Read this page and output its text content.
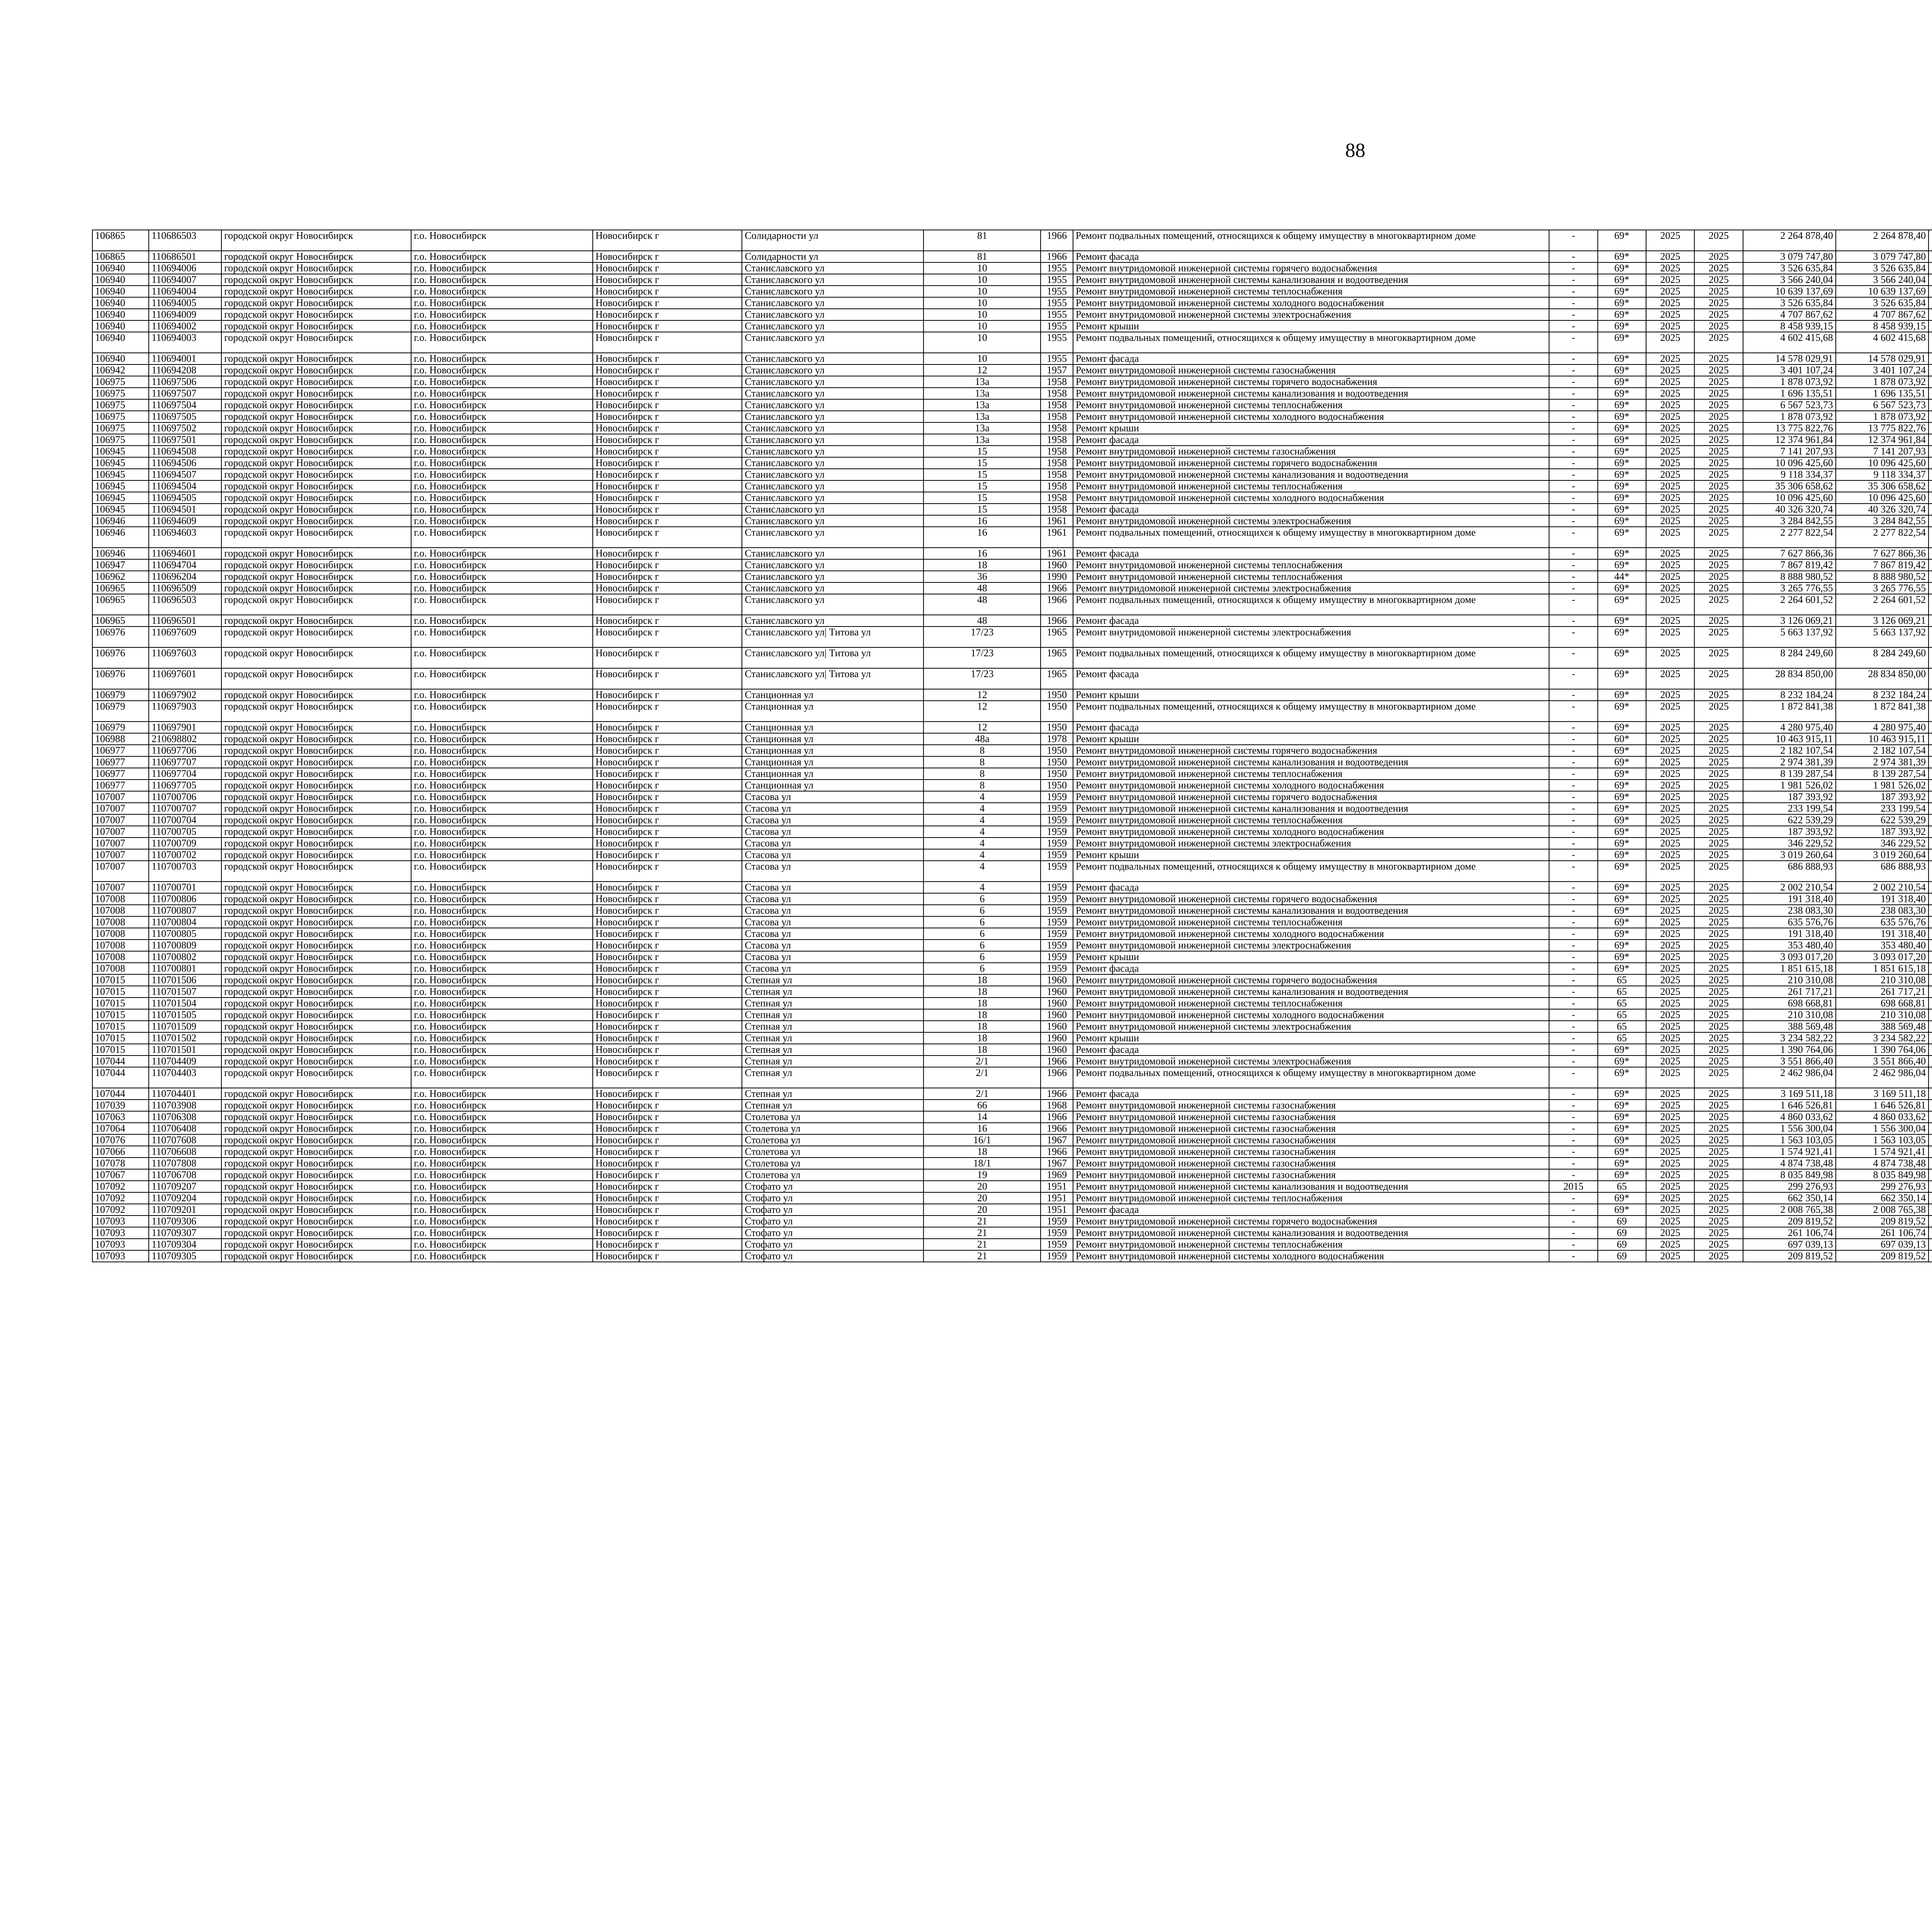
88
106865	110686503	городской округ Новосибирск	г.о. Новосибирск	Новосибирск г	Солидарности ул	81	1966	Ремонт подвальных помещений, относящихся к общему имуществу в многоквартирном доме	-	69*	2025	2025	2 264 878,40	2 264 878,40						
106865	110686501	городской округ Новосибирск	г.о. Новосибирск	Новосибирск г	Солидарности ул	81	1966	Ремонт фасада	-	69*	2025	2025	3 079 747,80	3 079 747,80						
106940	110694006	городской округ Новосибирск	г.о. Новосибирск	Новосибирск г	Станиславского ул	10	1955	Ремонт внутридомовой инженерной системы горячего водоснабжения	-	69*	2025	2025	3 526 635,84	3 526 635,84						
106940	110694007	городской округ Новосибирск	г.о. Новосибирск	Новосибирск г	Станиславского ул	10	1955	Ремонт внутридомовой инженерной системы канализования и водоотведения	-	69*	2025	2025	3 566 240,04	3 566 240,04						
106940	110694004	городской округ Новосибирск	г.о. Новосибирск	Новосибирск г	Станиславского ул	10	1955	Ремонт внутридомовой инженерной системы теплоснабжения	-	69*	2025	2025	10 639 137,69	10 639 137,69						
106940	110694005	городской округ Новосибирск	г.о. Новосибирск	Новосибирск г	Станиславского ул	10	1955	Ремонт внутридомовой инженерной системы холодного водоснабжения	-	69*	2025	2025	3 526 635,84	3 526 635,84						
106940	110694009	городской округ Новосибирск	г.о. Новосибирск	Новосибирск г	Станиславского ул	10	1955	Ремонт внутридомовой инженерной системы электроснабжения	-	69*	2025	2025	4 707 867,62	4 707 867,62						
106940	110694002	городской округ Новосибирск	г.о. Новосибирск	Новосибирск г	Станиславского ул	10	1955	Ремонт крыши	-	69*	2025	2025	8 458 939,15	8 458 939,15						
106940	110694003	городской округ Новосибирск	г.о. Новосибирск	Новосибирск г	Станиславского ул	10	1955	Ремонт подвальных помещений, относящихся к общему имуществу в многоквартирном доме	-	69*	2025	2025	4 602 415,68	4 602 415,68						
106940	110694001	городской округ Новосибирск	г.о. Новосибирск	Новосибирск г	Станиславского ул	10	1955	Ремонт фасада	-	69*	2025	2025	14 578 029,91	14 578 029,91						
106942	110694208	городской округ Новосибирск	г.о. Новосибирск	Новосибирск г	Станиславского ул	12	1957	Ремонт внутридомовой инженерной системы газоснабжения	-	69*	2025	2025	3 401 107,24	3 401 107,24						
106975	110697506	городской округ Новосибирск	г.о. Новосибирск	Новосибирск г	Станиславского ул	13а	1958	Ремонт внутридомовой инженерной системы горячего водоснабжения	-	69*	2025	2025	1 878 073,92	1 878 073,92						
106975	110697507	городской округ Новосибирск	г.о. Новосибирск	Новосибирск г	Станиславского ул	13а	1958	Ремонт внутридомовой инженерной системы канализования и водоотведения	-	69*	2025	2025	1 696 135,51	1 696 135,51						
106975	110697504	городской округ Новосибирск	г.о. Новосибирск	Новосибирск г	Станиславского ул	13а	1958	Ремонт внутридомовой инженерной системы теплоснабжения	-	69*	2025	2025	6 567 523,73	6 567 523,73						
106975	110697505	городской округ Новосибирск	г.о. Новосибирск	Новосибирск г	Станиславского ул	13а	1958	Ремонт внутридомовой инженерной системы холодного водоснабжения	-	69*	2025	2025	1 878 073,92	1 878 073,92						
106975	110697502	городской округ Новосибирск	г.о. Новосибирск	Новосибирск г	Станиславского ул	13а	1958	Ремонт крыши	-	69*	2025	2025	13 775 822,76	13 775 822,76						
106975	110697501	городской округ Новосибирск	г.о. Новосибирск	Новосибирск г	Станиславского ул	13а	1958	Ремонт фасада	-	69*	2025	2025	12 374 961,84	12 374 961,84						
106945	110694508	городской округ Новосибирск	г.о. Новосибирск	Новосибирск г	Станиславского ул	15	1958	Ремонт внутридомовой инженерной системы газоснабжения	-	69*	2025	2025	7 141 207,93	7 141 207,93						
106945	110694506	городской округ Новосибирск	г.о. Новосибирск	Новосибирск г	Станиславского ул	15	1958	Ремонт внутридомовой инженерной системы горячего водоснабжения	-	69*	2025	2025	10 096 425,60	10 096 425,60						
106945	110694507	городской округ Новосибирск	г.о. Новосибирск	Новосибирск г	Станиславского ул	15	1958	Ремонт внутридомовой инженерной системы канализования и водоотведения	-	69*	2025	2025	9 118 334,37	9 118 334,37						
106945	110694504	городской округ Новосибирск	г.о. Новосибирск	Новосибирск г	Станиславского ул	15	1958	Ремонт внутридомовой инженерной системы теплоснабжения	-	69*	2025	2025	35 306 658,62	35 306 658,62						
106945	110694505	городской округ Новосибирск	г.о. Новосибирск	Новосибирск г	Станиславского ул	15	1958	Ремонт внутридомовой инженерной системы холодного водоснабжения	-	69*	2025	2025	10 096 425,60	10 096 425,60						
106945	110694501	городской округ Новосибирск	г.о. Новосибирск	Новосибирск г	Станиславского ул	15	1958	Ремонт фасада	-	69*	2025	2025	40 326 320,74	40 326 320,74						
106946	110694609	городской округ Новосибирск	г.о. Новосибирск	Новосибирск г	Станиславского ул	16	1961	Ремонт внутридомовой инженерной системы электроснабжения	-	69*	2025	2025	3 284 842,55	3 284 842,55						
106946	110694603	городской округ Новосибирск	г.о. Новосибирск	Новосибирск г	Станиславского ул	16	1961	Ремонт подвальных помещений, относящихся к общему имуществу в многоквартирном доме	-	69*	2025	2025	2 277 822,54	2 277 822,54						
106946	110694601	городской округ Новосибирск	г.о. Новосибирск	Новосибирск г	Станиславского ул	16	1961	Ремонт фасада	-	69*	2025	2025	7 627 866,36	7 627 866,36						
106947	110694704	городской округ Новосибирск	г.о. Новосибирск	Новосибирск г	Станиславского ул	18	1960	Ремонт внутридомовой инженерной системы теплоснабжения	-	69*	2025	2025	7 867 819,42	7 867 819,42						
106962	110696204	городской округ Новосибирск	г.о. Новосибирск	Новосибирск г	Станиславского ул	36	1990	Ремонт внутридомовой инженерной системы теплоснабжения	-	44*	2025	2025	8 888 980,52	8 888 980,52						
106965	110696509	городской округ Новосибирск	г.о. Новосибирск	Новосибирск г	Станиславского ул	48	1966	Ремонт внутридомовой инженерной системы электроснабжения	-	69*	2025	2025	3 265 776,55	3 265 776,55						
106965	110696503	городской округ Новосибирск	г.о. Новосибирск	Новосибирск г	Станиславского ул	48	1966	Ремонт подвальных помещений, относящихся к общему имуществу в многоквартирном доме	-	69*	2025	2025	2 264 601,52	2 264 601,52						
106965	110696501	городской округ Новосибирск	г.о. Новосибирск	Новосибирск г	Станиславского ул	48	1966	Ремонт фасада	-	69*	2025	2025	3 126 069,21	3 126 069,21						
106976	110697609	городской округ Новосибирск	г.о. Новосибирск	Новосибирск г	Станиславского ул| Титова ул	17/23	1965	Ремонт внутридомовой инженерной системы электроснабжения	-	69*	2025	2025	5 663 137,92	5 663 137,92						
106976	110697603	городской округ Новосибирск	г.о. Новосибирск	Новосибирск г	Станиславского ул| Титова ул	17/23	1965	Ремонт подвальных помещений, относящихся к общему имуществу в многоквартирном доме	-	69*	2025	2025	8 284 249,60	8 284 249,60						
106976	110697601	городской округ Новосибирск	г.о. Новосибирск	Новосибирск г	Станиславского ул| Титова ул	17/23	1965	Ремонт фасада	-	69*	2025	2025	28 834 850,00	28 834 850,00						
106979	110697902	городской округ Новосибирск	г.о. Новосибирск	Новосибирск г	Станционная ул	12	1950	Ремонт крыши	-	69*	2025	2025	8 232 184,24	8 232 184,24						
106979	110697903	городской округ Новосибирск	г.о. Новосибирск	Новосибирск г	Станционная ул	12	1950	Ремонт подвальных помещений, относящихся к общему имуществу в многоквартирном доме	-	69*	2025	2025	1 872 841,38	1 872 841,38						
106979	110697901	городской округ Новосибирск	г.о. Новосибирск	Новосибирск г	Станционная ул	12	1950	Ремонт фасада	-	69*	2025	2025	4 280 975,40	4 280 975,40						
106988	210698802	городской округ Новосибирск	г.о. Новосибирск	Новосибирск г	Станционная ул	48а	1978	Ремонт крыши	-	60*	2025	2025	10 463 915,11	10 463 915,11						
106977	110697706	городской округ Новосибирск	г.о. Новосибирск	Новосибирск г	Станционная ул	8	1950	Ремонт внутридомовой инженерной системы горячего водоснабжения	-	69*	2025	2025	2 182 107,54	2 182 107,54						
106977	110697707	городской округ Новосибирск	г.о. Новосибирск	Новосибирск г	Станционная ул	8	1950	Ремонт внутридомовой инженерной системы канализования и водоотведения	-	69*	2025	2025	2 974 381,39	2 974 381,39						
106977	110697704	городской округ Новосибирск	г.о. Новосибирск	Новосибирск г	Станционная ул	8	1950	Ремонт внутридомовой инженерной системы теплоснабжения	-	69*	2025	2025	8 139 287,54	8 139 287,54						
106977	110697705	городской округ Новосибирск	г.о. Новосибирск	Новосибирск г	Станционная ул	8	1950	Ремонт внутридомовой инженерной системы холодного водоснабжения	-	69*	2025	2025	1 981 526,02	1 981 526,02						
107007	110700706	городской округ Новосибирск	г.о. Новосибирск	Новосибирск г	Стасова ул	4	1959	Ремонт внутридомовой инженерной системы горячего водоснабжения	-	69*	2025	2025	187 393,92	187 393,92						
107007	110700707	городской округ Новосибирск	г.о. Новосибирск	Новосибирск г	Стасова ул	4	1959	Ремонт внутридомовой инженерной системы канализования и водоотведения	-	69*	2025	2025	233 199,54	233 199,54						
107007	110700704	городской округ Новосибирск	г.о. Новосибирск	Новосибирск г	Стасова ул	4	1959	Ремонт внутридомовой инженерной системы теплоснабжения	-	69*	2025	2025	622 539,29	622 539,29						
107007	110700705	городской округ Новосибирск	г.о. Новосибирск	Новосибирск г	Стасова ул	4	1959	Ремонт внутридомовой инженерной системы холодного водоснабжения	-	69*	2025	2025	187 393,92	187 393,92						
107007	110700709	городской округ Новосибирск	г.о. Новосибирск	Новосибирск г	Стасова ул	4	1959	Ремонт внутридомовой инженерной системы электроснабжения	-	69*	2025	2025	346 229,52	346 229,52						
107007	110700702	городской округ Новосибирск	г.о. Новосибирск	Новосибирск г	Стасова ул	4	1959	Ремонт крыши	-	69*	2025	2025	3 019 260,64	3 019 260,64						
107007	110700703	городской округ Новосибирск	г.о. Новосибирск	Новосибирск г	Стасова ул	4	1959	Ремонт подвальных помещений, относящихся к общему имуществу в многоквартирном доме	-	69*	2025	2025	686 888,93	686 888,93						
107007	110700701	городской округ Новосибирск	г.о. Новосибирск	Новосибирск г	Стасова ул	4	1959	Ремонт фасада	-	69*	2025	2025	2 002 210,54	2 002 210,54						
107008	110700806	городской округ Новосибирск	г.о. Новосибирск	Новосибирск г	Стасова ул	6	1959	Ремонт внутридомовой инженерной системы горячего водоснабжения	-	69*	2025	2025	191 318,40	191 318,40						
107008	110700807	городской округ Новосибирск	г.о. Новосибирск	Новосибирск г	Стасова ул	6	1959	Ремонт внутридомовой инженерной системы канализования и водоотведения	-	69*	2025	2025	238 083,30	238 083,30						
107008	110700804	городской округ Новосибирск	г.о. Новосибирск	Новосибирск г	Стасова ул	6	1959	Ремонт внутридомовой инженерной системы теплоснабжения	-	69*	2025	2025	635 576,76	635 576,76						
107008	110700805	городской округ Новосибирск	г.о. Новосибирск	Новосибирск г	Стасова ул	6	1959	Ремонт внутридомовой инженерной системы холодного водоснабжения	-	69*	2025	2025	191 318,40	191 318,40						
107008	110700809	городской округ Новосибирск	г.о. Новосибирск	Новосибирск г	Стасова ул	6	1959	Ремонт внутридомовой инженерной системы электроснабжения	-	69*	2025	2025	353 480,40	353 480,40						
107008	110700802	городской округ Новосибирск	г.о. Новосибирск	Новосибирск г	Стасова ул	6	1959	Ремонт крыши	-	69*	2025	2025	3 093 017,20	3 093 017,20						
107008	110700801	городской округ Новосибирск	г.о. Новосибирск	Новосибирск г	Стасова ул	6	1959	Ремонт фасада	-	69*	2025	2025	1 851 615,18	1 851 615,18						
107015	110701506	городской округ Новосибирск	г.о. Новосибирск	Новосибирск г	Степная ул	18	1960	Ремонт внутридомовой инженерной системы горячего водоснабжения	-	65	2025	2025	210 310,08	210 310,08						
107015	110701507	городской округ Новосибирск	г.о. Новосибирск	Новосибирск г	Степная ул	18	1960	Ремонт внутридомовой инженерной системы канализования и водоотведения	-	65	2025	2025	261 717,21	261 717,21						
107015	110701504	городской округ Новосибирск	г.о. Новосибирск	Новосибирск г	Степная ул	18	1960	Ремонт внутридомовой инженерной системы теплоснабжения	-	65	2025	2025	698 668,81	698 668,81						
107015	110701505	городской округ Новосибирск	г.о. Новосибирск	Новосибирск г	Степная ул	18	1960	Ремонт внутридомовой инженерной системы холодного водоснабжения	-	65	2025	2025	210 310,08	210 310,08						
107015	110701509	городской округ Новосибирск	г.о. Новосибирск	Новосибирск г	Степная ул	18	1960	Ремонт внутридомовой инженерной системы электроснабжения	-	65	2025	2025	388 569,48	388 569,48						
107015	110701502	городской округ Новосибирск	г.о. Новосибирск	Новосибирск г	Степная ул	18	1960	Ремонт крыши	-	65	2025	2025	3 234 582,22	3 234 582,22						
107015	110701501	городской округ Новосибирск	г.о. Новосибирск	Новосибирск г	Степная ул	18	1960	Ремонт фасада	-	69*	2025	2025	1 390 764,06	1 390 764,06						
107044	110704409	городской округ Новосибирск	г.о. Новосибирск	Новосибирск г	Степная ул	2/1	1966	Ремонт внутридомовой инженерной системы электроснабжения	-	69*	2025	2025	3 551 866,40	3 551 866,40						
107044	110704403	городской округ Новосибирск	г.о. Новосибирск	Новосибирск г	Степная ул	2/1	1966	Ремонт подвальных помещений, относящихся к общему имуществу в многоквартирном доме	-	69*	2025	2025	2 462 986,04	2 462 986,04						
107044	110704401	городской округ Новосибирск	г.о. Новосибирск	Новосибирск г	Степная ул	2/1	1966	Ремонт фасада	-	69*	2025	2025	3 169 511,18	3 169 511,18						
107039	110703908	городской округ Новосибирск	г.о. Новосибирск	Новосибирск г	Степная ул	66	1968	Ремонт внутридомовой инженерной системы газоснабжения	-	69*	2025	2025	1 646 526,81	1 646 526,81						
107063	110706308	городской округ Новосибирск	г.о. Новосибирск	Новосибирск г	Столетова ул	14	1966	Ремонт внутридомовой инженерной системы газоснабжения	-	69*	2025	2025	4 860 033,62	4 860 033,62						
107064	110706408	городской округ Новосибирск	г.о. Новосибирск	Новосибирск г	Столетова ул	16	1966	Ремонт внутридомовой инженерной системы газоснабжения	-	69*	2025	2025	1 556 300,04	1 556 300,04						
107076	110707608	городской округ Новосибирск	г.о. Новосибирск	Новосибирск г	Столетова ул	16/1	1967	Ремонт внутридомовой инженерной системы газоснабжения	-	69*	2025	2025	1 563 103,05	1 563 103,05						
107066	110706608	городской округ Новосибирск	г.о. Новосибирск	Новосибирск г	Столетова ул	18	1966	Ремонт внутридомовой инженерной системы газоснабжения	-	69*	2025	2025	1 574 921,41	1 574 921,41						
107078	110707808	городской округ Новосибирск	г.о. Новосибирск	Новосибирск г	Столетова ул	18/1	1967	Ремонт внутридомовой инженерной системы газоснабжения	-	69*	2025	2025	4 874 738,48	4 874 738,48						
107067	110706708	городской округ Новосибирск	г.о. Новосибирск	Новосибирск г	Столетова ул	19	1969	Ремонт внутридомовой инженерной системы газоснабжения	-	69*	2025	2025	8 035 849,98	8 035 849,98						
107092	110709207	городской округ Новосибирск	г.о. Новосибирск	Новосибирск г	Стофато ул	20	1951	Ремонт внутридомовой инженерной системы канализования и водоотведения	2015	65	2025	2025	299 276,93	299 276,93						
107092	110709204	городской округ Новосибирск	г.о. Новосибирск	Новосибирск г	Стофато ул	20	1951	Ремонт внутридомовой инженерной системы теплоснабжения	-	69*	2025	2025	662 350,14	662 350,14						
107092	110709201	городской округ Новосибирск	г.о. Новосибирск	Новосибирск г	Стофато ул	20	1951	Ремонт фасада	-	69*	2025	2025	2 008 765,38	2 008 765,38						
107093	110709306	городской округ Новосибирск	г.о. Новосибирск	Новосибирск г	Стофато ул	21	1959	Ремонт внутридомовой инженерной системы горячего водоснабжения	-	69	2025	2025	209 819,52	209 819,52						
107093	110709307	городской округ Новосибирск	г.о. Новосибирск	Новосибирск г	Стофато ул	21	1959	Ремонт внутридомовой инженерной системы канализования и водоотведения	-	69	2025	2025	261 106,74	261 106,74						
107093	110709304	городской округ Новосибирск	г.о. Новосибирск	Новосибирск г	Стофато ул	21	1959	Ремонт внутридомовой инженерной системы теплоснабжения	-	69	2025	2025	697 039,13	697 039,13						
107093	110709305	городской округ Новосибирск	г.о. Новосибирск	Новосибирск г	Стофато ул	21	1959	Ремонт внутридомовой инженерной системы холодного водоснабжения	-	69	2025	2025	209 819,52	209 819,52						
